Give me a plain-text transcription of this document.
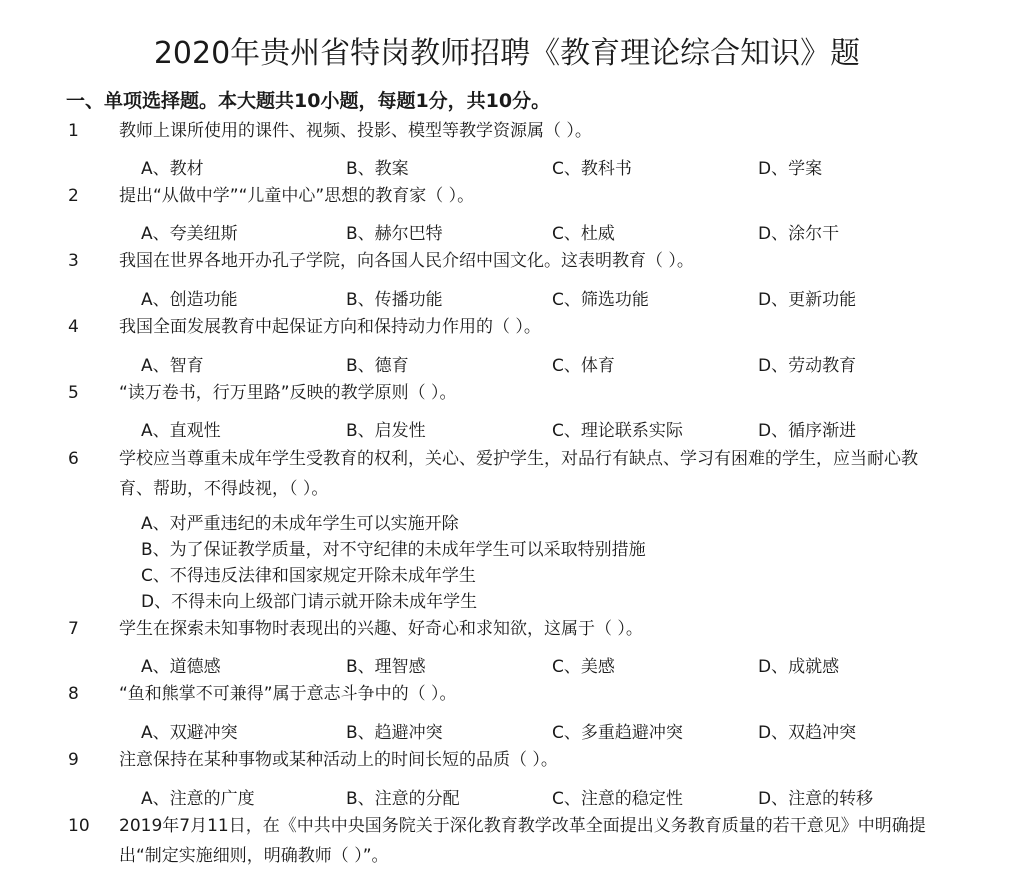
2020年贵州省特岗教师招聘《教育理论综合知识》题
一、单项选择题。本大题共10小题，每题1分，共10分。
1 教师上课所使用的课件、视频、投影、模型等教学资源属（ ）。
A、教材	B、教案	C、教科书	D、学案
2 提出“从做中学”“儿童中心”思想的教育家（ ）。
A、夸美纽斯	B、赫尔巴特	C、杜威	D、涂尔干
3 我国在世界各地开办孔子学院，向各国人民介绍中国文化。这表明教育（ ）。
A、创造功能	B、传播功能	C、筛选功能	D、更新功能
4 我国全面发展教育中起保证方向和保持动力作用的（ ）。
A、智育	B、德育	C、体育	D、劳动教育
5 “读万卷书，行万里路”反映的教学原则（ ）。
A、直观性	B、启发性	C、理论联系实际	D、循序渐进
6 学校应当尊重未成年学生受教育的权利，关心、爱护学生，对品行有缺点、学习有困难的学生，应当耐心教育、帮助，不得歧视，（ ）。
A、对严重违纪的未成年学生可以实施开除
B、为了保证教学质量，对不守纪律的未成年学生可以采取特别措施
C、不得违反法律和国家规定开除未成年学生
D、不得未向上级部门请示就开除未成年学生
7 学生在探索未知事物时表现出的兴趣、好奇心和求知欲，这属于（ ）。
A、道德感	B、理智感	C、美感	D、成就感
8 “鱼和熊掌不可兼得”属于意志斗争中的（ ）。
A、双避冲突	B、趋避冲突	C、多重趋避冲突	D、双趋冲突
9 注意保持在某种事物或某种活动上的时间长短的品质（ ）。
A、注意的广度	B、注意的分配	C、注意的稳定性	D、注意的转移
10 2019年7月11日，在《中共中央国务院关于深化教育教学改革全面提出义务教育质量的若干意见》中明确提出“制定实施细则，明确教师（ ）”。
